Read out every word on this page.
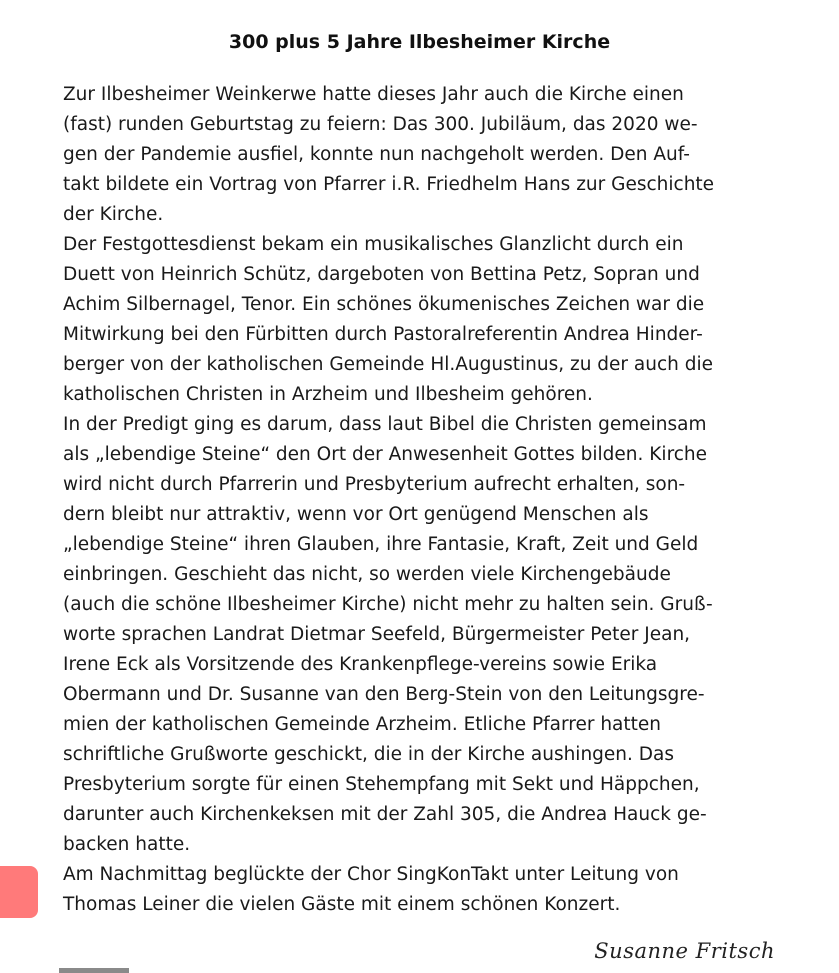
300 plus 5 Jahre Ilbesheimer Kirche
Zur Ilbesheimer Weinkerwe hatte dieses Jahr auch die Kirche einen
(fast) runden Geburtstag zu feiern: Das 300. Jubiläum, das 2020 we-
gen der Pandemie ausfiel, konnte nun nachgeholt werden. Den Auf-
takt bildete ein Vortrag von Pfarrer i.R. Friedhelm Hans zur Geschichte
der Kirche.
Der Festgottesdienst bekam ein musikalisches Glanzlicht durch ein
Duett von Heinrich Schütz, dargeboten von Bettina Petz, Sopran und
Achim Silbernagel, Tenor. Ein schönes ökumenisches Zeichen war die
Mitwirkung bei den Fürbitten durch Pastoralreferentin Andrea Hinder-
berger von der katholischen Gemeinde Hl.Augustinus, zu der auch die
katholischen Christen in Arzheim und Ilbesheim gehören.
In der Predigt ging es darum, dass laut Bibel die Christen gemeinsam
als „lebendige Steine“ den Ort der Anwesenheit Gottes bilden. Kirche
wird nicht durch Pfarrerin und Presbyterium aufrecht erhalten, son-
dern bleibt nur attraktiv, wenn vor Ort genügend Menschen als
„lebendige Steine“ ihren Glauben, ihre Fantasie, Kraft, Zeit und Geld
einbringen. Geschieht das nicht, so werden viele Kirchengebäude
(auch die schöne Ilbesheimer Kirche) nicht mehr zu halten sein. Gruß-
worte sprachen Landrat Dietmar Seefeld, Bürgermeister Peter Jean,
Irene Eck als Vorsitzende des Krankenpflege-vereins sowie Erika
Obermann und Dr. Susanne van den Berg-Stein von den Leitungsgre-
mien der katholischen Gemeinde Arzheim. Etliche Pfarrer hatten
schriftliche Grußworte geschickt, die in der Kirche aushingen. Das
Presbyterium sorgte für einen Stehempfang mit Sekt und Häppchen,
darunter auch Kirchenkeksen mit der Zahl 305, die Andrea Hauck ge-
backen hatte.
Am Nachmittag beglückte der Chor SingKonTakt unter Leitung von
Thomas Leiner die vielen Gäste mit einem schönen Konzert.
Susanne Fritsch
